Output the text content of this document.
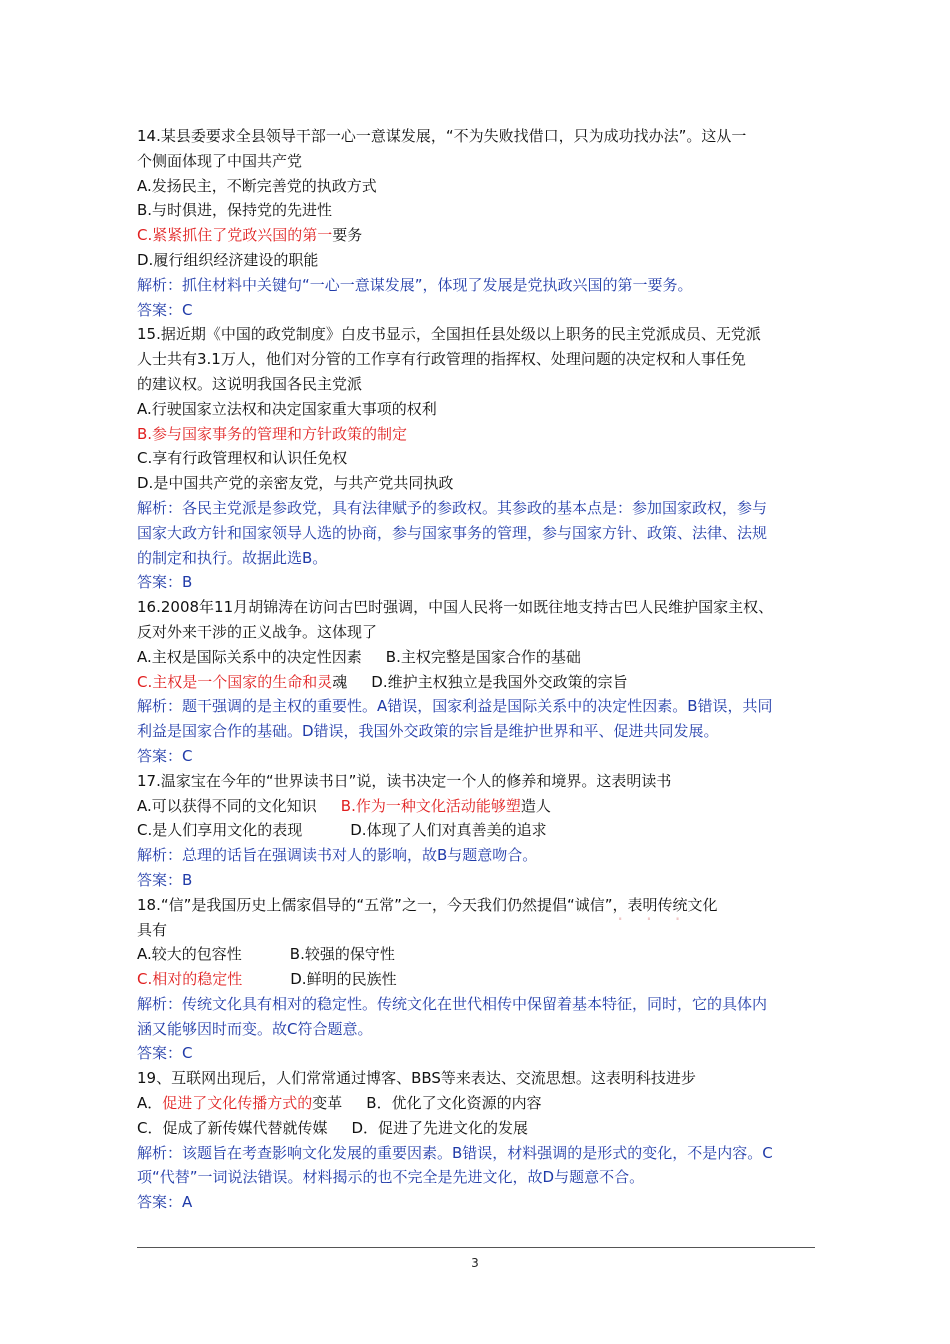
14.某县委要求全县领导干部一心一意谋发展，“不为失败找借口，只为成功找办法”。这从一
个侧面体现了中国共产党
A.发扬民主，不断完善党的执政方式
B.与时俱进，保持党的先进性
C.紧紧抓住了党政兴国的第一要务
D.履行组织经济建设的职能
解析：抓住材料中关键句“一心一意谋发展”，体现了发展是党执政兴国的第一要务。
答案：C
15.据近期《中国的政党制度》白皮书显示，全国担任县处级以上职务的民主党派成员、无党派
人士共有3.1万人，他们对分管的工作享有行政管理的指挥权、处理问题的决定权和人事任免
的建议权。这说明我国各民主党派
A.行驶国家立法权和决定国家重大事项的权利
B.参与国家事务的管理和方针政策的制定
C.享有行政管理权和认识任免权
D.是中国共产党的亲密友党，与共产党共同执政
解析：各民主党派是参政党，具有法律赋予的参政权。其参政的基本点是：参加国家政权，参与
国家大政方针和国家领导人选的协商，参与国家事务的管理，参与国家方针、政策、法律、法规
的制定和执行。故据此选B。
答案：B
16.2008年11月胡锦涛在访问古巴时强调，中国人民将一如既往地支持古巴人民维护国家主权、
反对外来干涉的正义战争。这体现了
A.主权是国际关系中的决定性因素 B.主权完整是国家合作的基础
C.主权是一个国家的生命和灵魂 D.维护主权独立是我国外交政策的宗旨
解析：题干强调的是主权的重要性。A错误，国家利益是国际关系中的决定性因素。B错误，共同
利益是国家合作的基础。D错误，我国外交政策的宗旨是维护世界和平、促进共同发展。
答案：C
17.温家宝在今年的“世界读书日”说，读书决定一个人的修养和境界。这表明读书
A.可以获得不同的文化知识 B.作为一种文化活动能够塑造人
C.是人们享用文化的表现	D.体现了人们对真善美的追求
解析：总理的话旨在强调读书对人的影响，故B与题意吻合。
答案：B
18.“信”是我国历史上儒家倡导的“五常”之一，今天我们仍然提倡“诚信”，表明传统文化
具有
A.较大的包容性	B.较强的保守性
C.相对的稳定性	D.鲜明的民族性
解析：传统文化具有相对的稳定性。传统文化在世代相传中保留着基本特征，同时，它的具体内
涵又能够因时而变。故C符合题意。
答案：C
19、互联网出现后，人们常常通过博客、BBS等来表达、交流思想。这表明科技进步
A．促进了文化传播方式的变革 B．优化了文化资源的内容
C．促成了新传媒代替就传媒 D．促进了先进文化的发展
解析：该题旨在考查影响文化发展的重要因素。B错误，材料强调的是形式的变化，不是内容。C
项“代替”一词说法错误。材料揭示的也不完全是先进文化，故D与题意不合。
答案：A
· · ·
3
